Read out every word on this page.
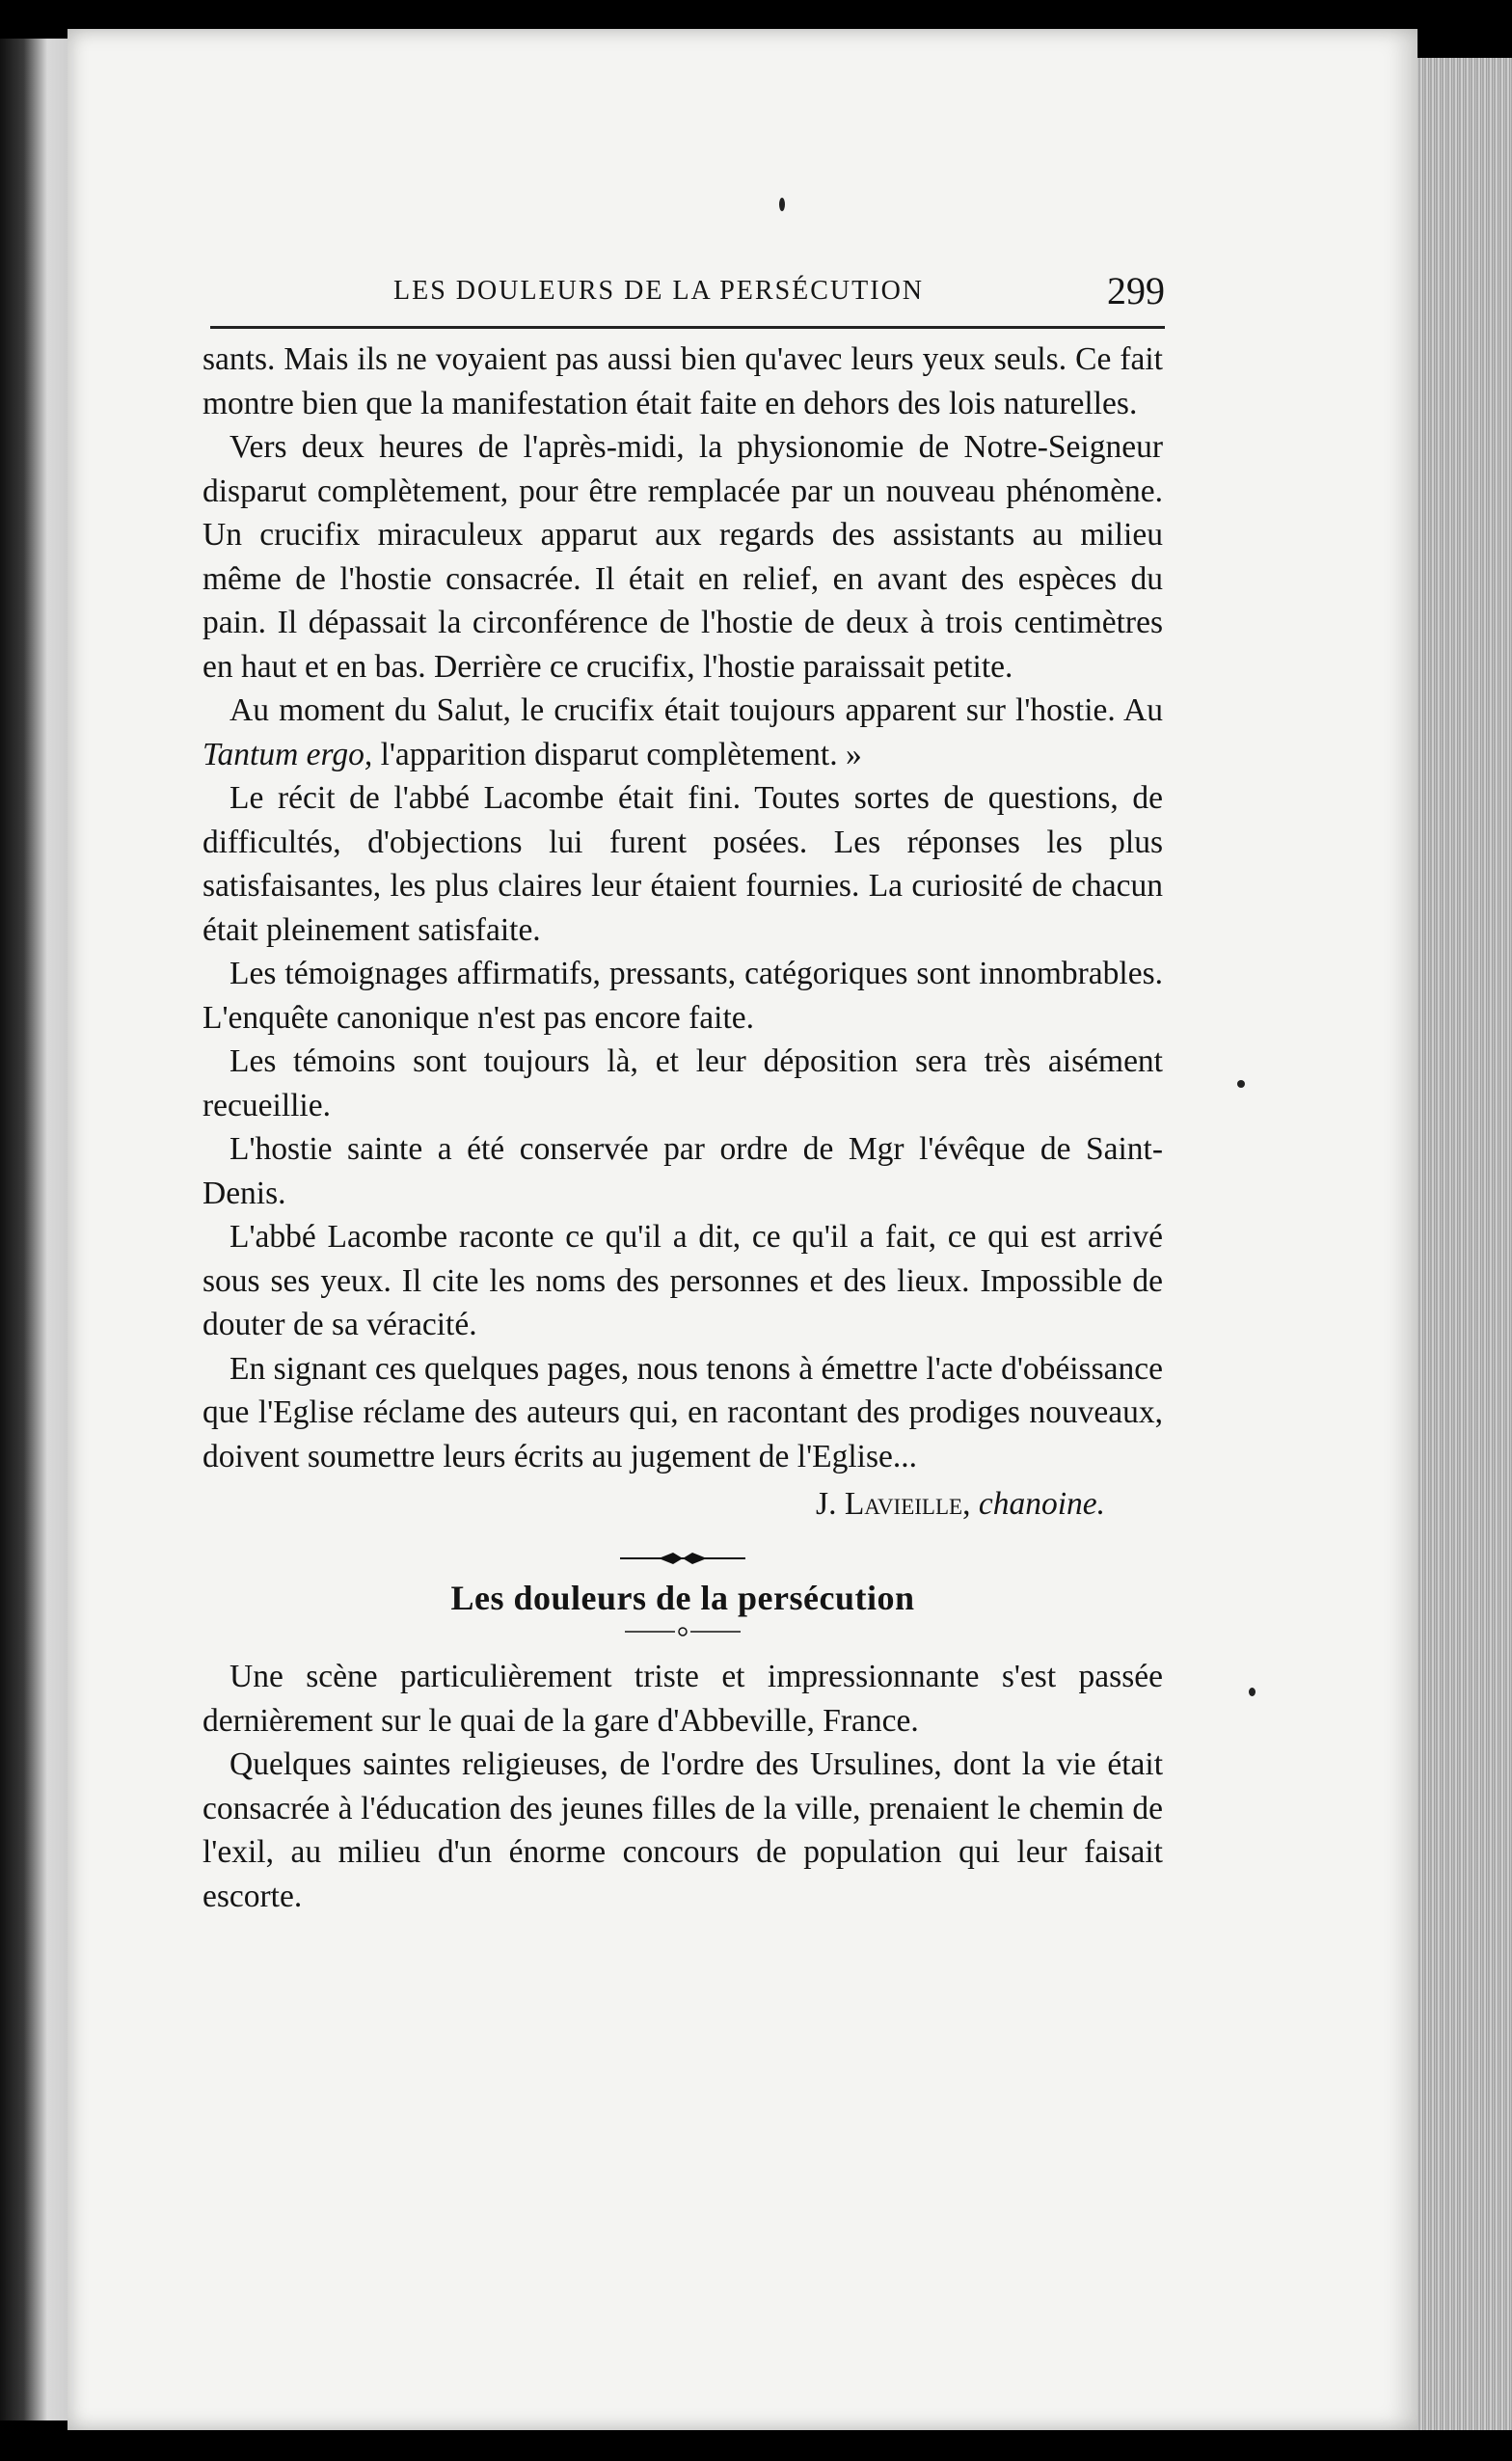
LES DOULEURS DE LA PERSÉCUTION	299

sants. Mais ils ne voyaient pas aussi bien qu'avec leurs yeux seuls. Ce fait montre bien que la manifestation était faite en dehors des lois naturelles.

Vers deux heures de l'après-midi, la physionomie de Notre-Seigneur disparut complètement, pour être remplacée par un nouveau phénomène. Un crucifix miraculeux apparut aux regards des assistants au milieu même de l'hostie consacrée. Il était en relief, en avant des espèces du pain. Il dépassait la circonférence de l'hostie de deux à trois centimètres en haut et en bas. Derrière ce crucifix, l'hostie paraissait petite.

Au moment du Salut, le crucifix était toujours apparent sur l'hostie. Au Tantum ergo, l'apparition disparut complètement. »

Le récit de l'abbé Lacombe était fini. Toutes sortes de questions, de difficultés, d'objections lui furent posées. Les réponses les plus satisfaisantes, les plus claires leur étaient fournies. La curiosité de chacun était pleinement satisfaite.

Les témoignages affirmatifs, pressants, catégoriques sont innombrables. L'enquête canonique n'est pas encore faite.

Les témoins sont toujours là, et leur déposition sera très aisément recueillie.

L'hostie sainte a été conservée par ordre de Mgr l'évêque de Saint-Denis.

L'abbé Lacombe raconte ce qu'il a dit, ce qu'il a fait, ce qui est arrivé sous ses yeux. Il cite les noms des personnes et des lieux. Impossible de douter de sa véracité.

En signant ces quelques pages, nous tenons à émettre l'acte d'obéissance que l'Eglise réclame des auteurs qui, en racontant des prodiges nouveaux, doivent soumettre leurs écrits au jugement de l'Eglise...

J. Lavieille, chanoine.
Les douleurs de la persécution

Une scène particulièrement triste et impressionnante s'est passée dernièrement sur le quai de la gare d'Abbeville, France.

Quelques saintes religieuses, de l'ordre des Ursulines, dont la vie était consacrée à l'éducation des jeunes filles de la ville, prenaient le chemin de l'exil, au milieu d'un énorme concours de population qui leur faisait escorte.
